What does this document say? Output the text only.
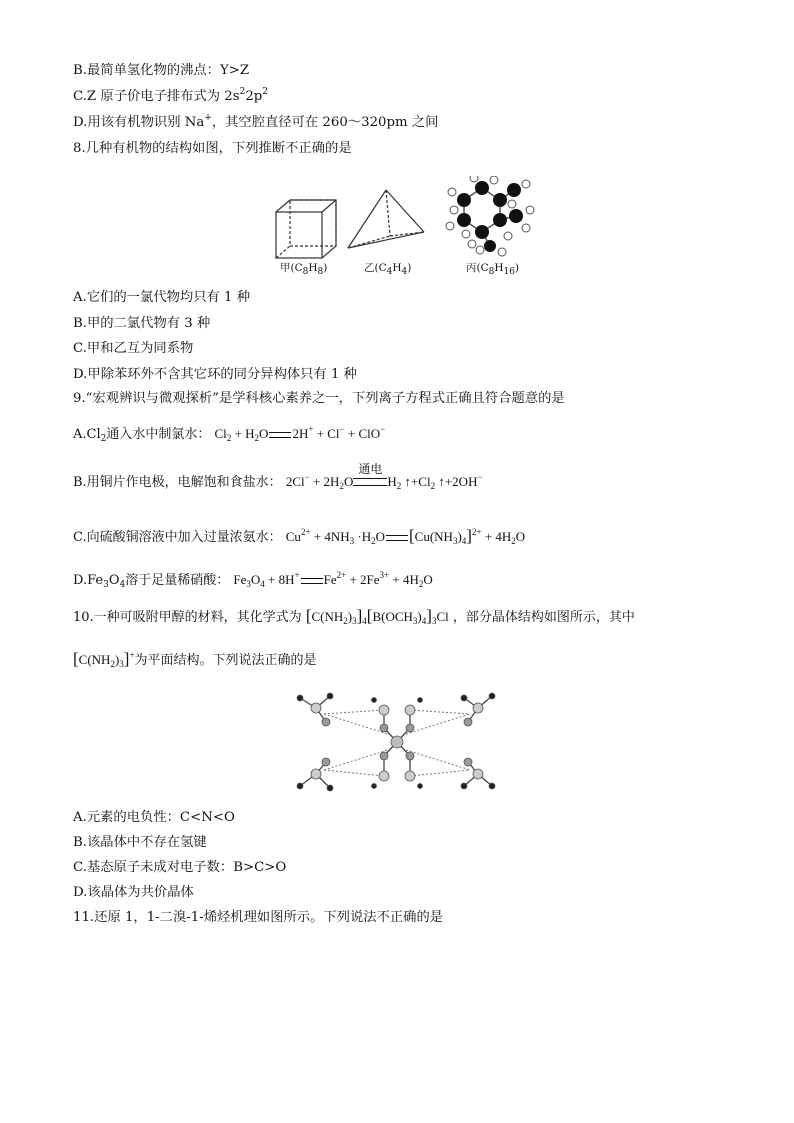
B.最简单氢化物的沸点：Y>Z
C.Z 原子价电子排布式为 $2s^22p^2$
D.用该有机物识别 Na+，其空腔直径可在 260～320pm 之间
8.几种有机物的结构如图，下列推断不正确的是
甲$(C_8H_8)$	乙$(C_4H_4)$	丙$(C_8H_{16})$
A.它们的一氯代物均只有 1 种
B.甲的二氯代物有 3 种
C.甲和乙互为同系物
D.甲除苯环外不含其它环的同分异构体只有 1 种
9.“宏观辨识与微观探析”是学科核心素养之一，下列离子方程式正确且符合题意的是
$A.Cl_2$通入水中制氯水： $Cl_2 + H_2O$ 2H+ + Cl− + ClO−
B.用铜片作电极，电解饱和食盐水： $2Cl^- + 2H_2O$
通电
$H_2$ $↑+Cl_2$ ↑+2OH−
C.向硫酸铜溶液中加入过量浓氨水： $Cu^{2+} + 4NH_3 \cdot H_2O$ $[Cu(NH_3)_4]^{2+} + 4H_2O$
$D.Fe_3O_4$溶于足量稀硝酸： $Fe_3O_4 + 8H^+$ $Fe^{2+} + 2Fe^{3+} + 4H_2O$
10.一种可吸附甲醇的材料，其化学式为 $[C(NH_2)_3]_4[B(OCH_3)_4]_3Cl$ ，部分晶体结构如图所示，其中
$[C(NH_2)_3]^+$为平面结构。下列说法正确的是
A.元素的电负性：C<N<O
B.该晶体中不存在氢键
C.基态原子未成对电子数：B>C>O
D.该晶体为共价晶体
11.还原 1，1-二溴-1-烯烃机理如图所示。下列说法不正确的是
